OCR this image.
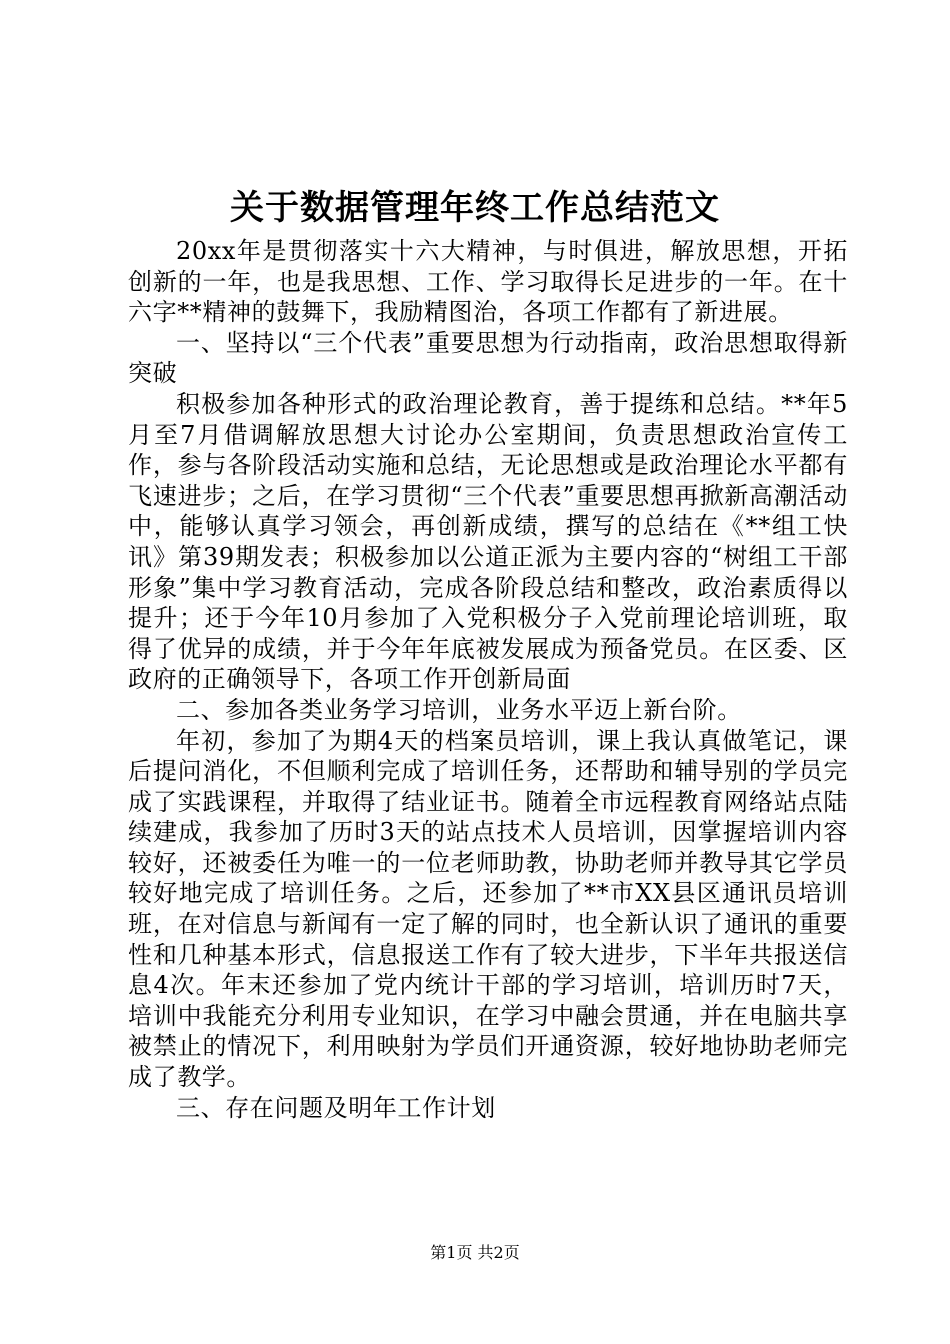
关于数据管理年终工作总结范文

20xx年是贯彻落实十六大精神，与时俱进，解放思想，开拓创新的一年，也是我思想、工作、学习取得长足进步的一年。在十六字**精神的鼓舞下，我励精图治，各项工作都有了新进展。

一、坚持以“三个代表”重要思想为行动指南，政治思想取得新突破

积极参加各种形式的政治理论教育，善于提练和总结。**年5月至7月借调解放思想大讨论办公室期间，负责思想政治宣传工作，参与各阶段活动实施和总结，无论思想或是政治理论水平都有飞速进步；之后，在学习贯彻“三个代表”重要思想再掀新高潮活动中，能够认真学习领会，再创新成绩，撰写的总结在《**组工快讯》第39期发表；积极参加以公道正派为主要内容的“树组工干部形象”集中学习教育活动，完成各阶段总结和整改，政治素质得以提升；还于今年10月参加了入党积极分子入党前理论培训班，取得了优异的成绩，并于今年年底被发展成为预备党员。在区委、区政府的正确领导下，各项工作开创新局面

二、参加各类业务学习培训，业务水平迈上新台阶。

年初，参加了为期4天的档案员培训，课上我认真做笔记，课后提问消化，不但顺利完成了培训任务，还帮助和辅导别的学员完成了实践课程，并取得了结业证书。随着全市远程教育网络站点陆续建成，我参加了历时3天的站点技术人员培训，因掌握培训内容较好，还被委任为唯一的一位老师助教，协助老师并教导其它学员较好地完成了培训任务。之后，还参加了**市XX县区通讯员培训班，在对信息与新闻有一定了解的同时，也全新认识了通讯的重要性和几种基本形式，信息报送工作有了较大进步，下半年共报送信息4次。年末还参加了党内统计干部的学习培训，培训历时7天，培训中我能充分利用专业知识，在学习中融会贯通，并在电脑共享被禁止的情况下，利用映射为学员们开通资源，较好地协助老师完成了教学。

三、存在问题及明年工作计划

第1页 共2页
